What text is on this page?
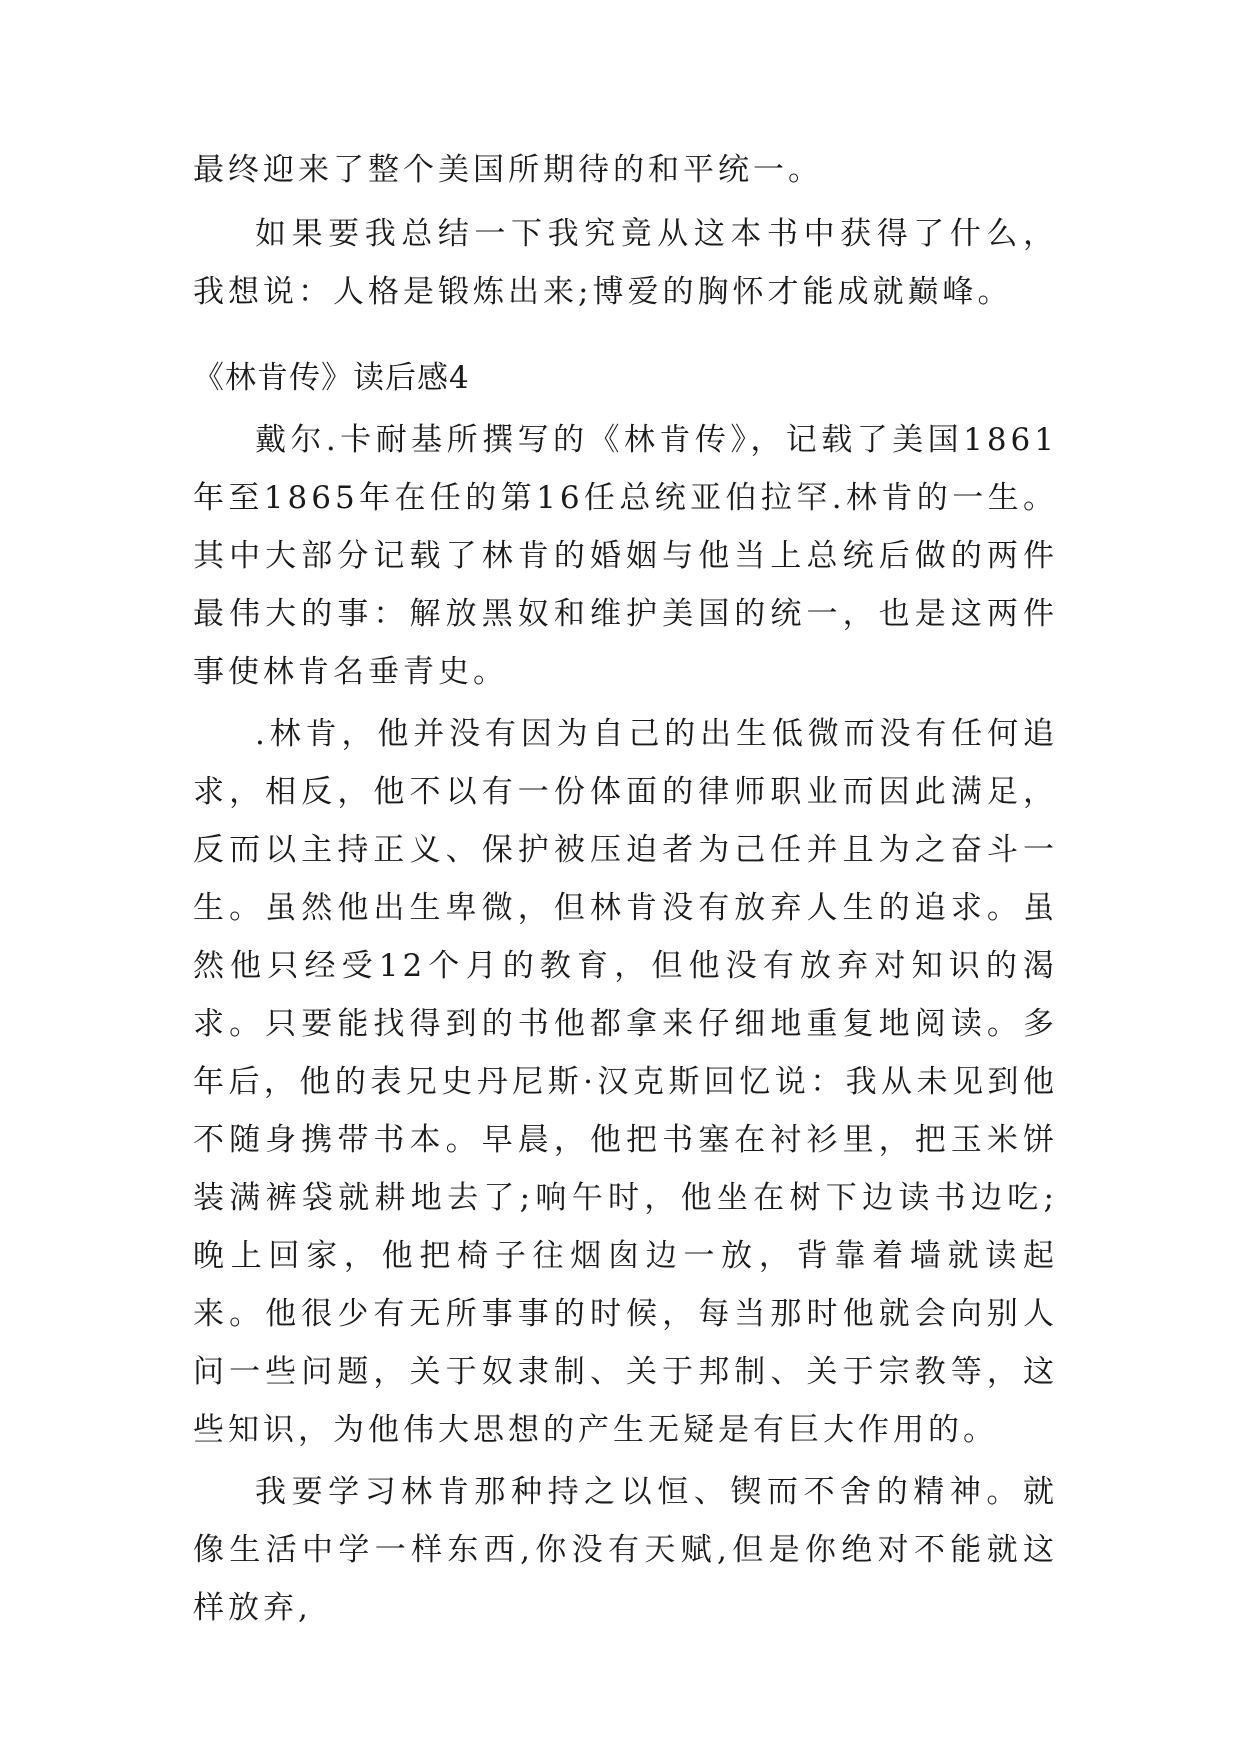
最终迎来了整个美国所期待的和平统一。

如果要我总结一下我究竟从这本书中获得了什么，我想说：人格是锻炼出来;博爱的胸怀才能成就巅峰。

《林肯传》读后感4

戴尔.卡耐基所撰写的《林肯传》，记载了美国1861年至1865年在任的第16任总统亚伯拉罕.林肯的一生。其中大部分记载了林肯的婚姻与他当上总统后做的两件最伟大的事：解放黑奴和维护美国的统一，也是这两件事使林肯名垂青史。

.林肯，他并没有因为自己的出生低微而没有任何追求，相反，他不以有一份体面的律师职业而因此满足，反而以主持正义、保护被压迫者为己任并且为之奋斗一生。虽然他出生卑微，但林肯没有放弃人生的追求。虽然他只经受12个月的教育，但他没有放弃对知识的渴求。只要能找得到的书他都拿来仔细地重复地阅读。多年后，他的表兄史丹尼斯·汉克斯回忆说：我从未见到他不随身携带书本。早晨，他把书塞在衬衫里，把玉米饼装满裤袋就耕地去了;响午时，他坐在树下边读书边吃;晚上回家，他把椅子往烟囱边一放，背靠着墙就读起来。他很少有无所事事的时候，每当那时他就会向别人问一些问题，关于奴隶制、关于邦制、关于宗教等，这些知识，为他伟大思想的产生无疑是有巨大作用的。

我要学习林肯那种持之以恒、锲而不舍的精神。就像生活中学一样东西,你没有天赋,但是你绝对不能就这样放弃,
